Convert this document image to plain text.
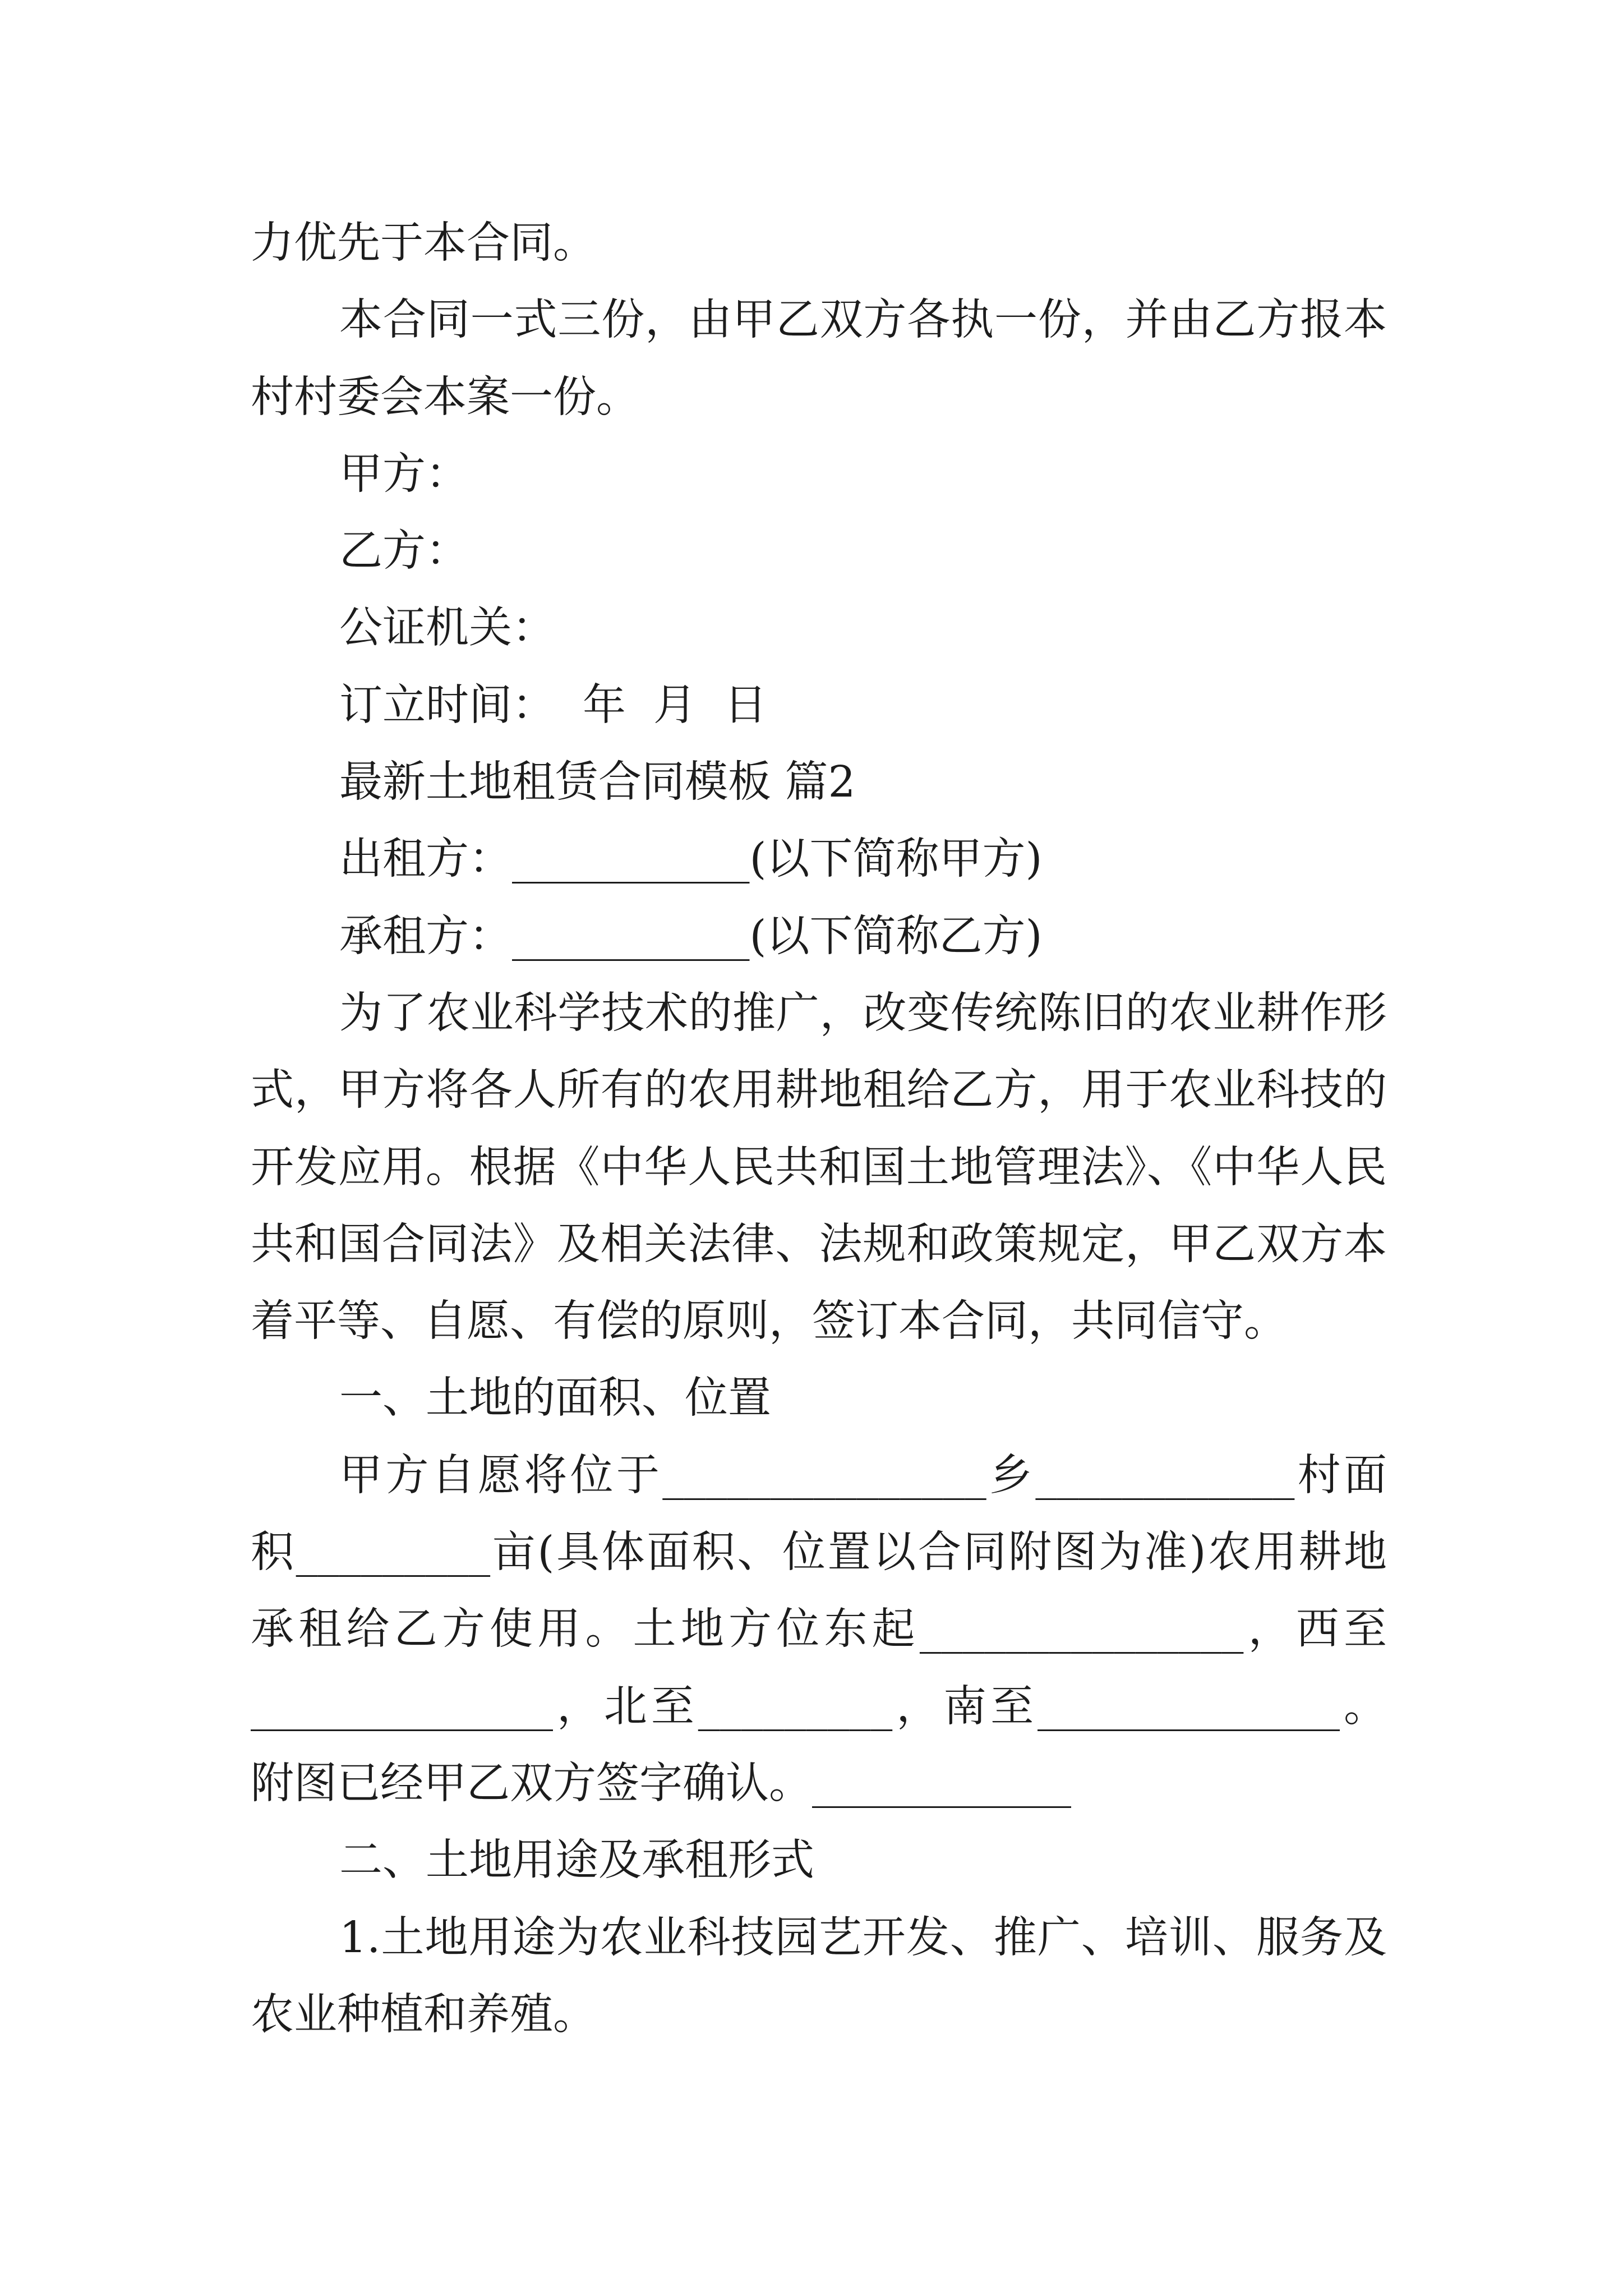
力优先于本合同。
本合同一式三份，由甲乙双方各执一份，并由乙方报本
村村委会本案一份。
甲方：
乙方：
公证机关：
订立时间：  年  月  日
最新土地租赁合同模板 篇2
出租方：___________(以下简称甲方)
承租方：___________(以下简称乙方)
为了农业科学技术的推广，改变传统陈旧的农业耕作形
式，甲方将各人所有的农用耕地租给乙方，用于农业科技的
开发应用。根据《中华人民共和国土地管理法》、《中华人民
共和国合同法》及相关法律、法规和政策规定，甲乙双方本
着平等、自愿、有偿的原则，签订本合同，共同信守。
一、土地的面积、位置
甲方自愿将位于_______________乡____________村面
积_________亩(具体面积、位置以合同附图为准)农用耕地
承租给乙方使用。土地方位东起_______________，西至
______________，北至_________，南至______________。
附图已经甲乙双方签字确认。____________
二、土地用途及承租形式
1.土地用途为农业科技园艺开发、推广、培训、服务及
农业种植和养殖。
